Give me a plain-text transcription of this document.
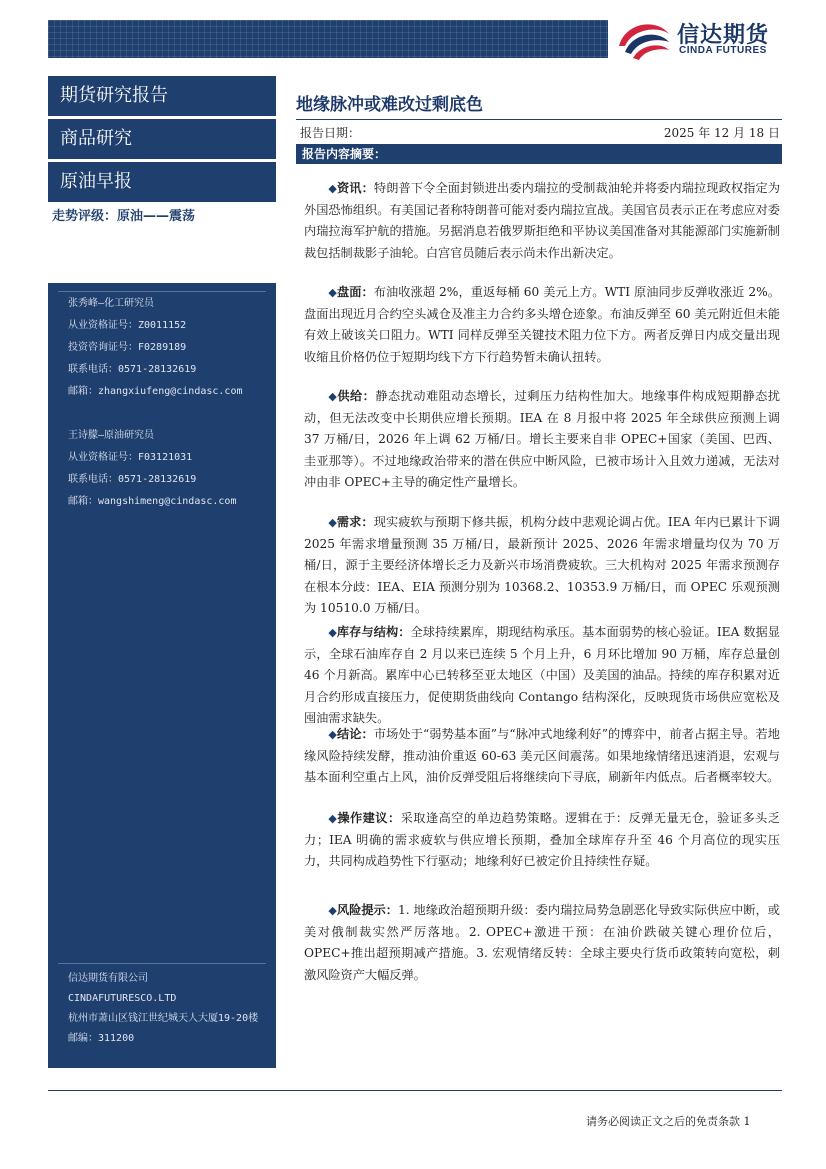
信达期货
CINDA FUTURES
期货研究报告
商品研究
原油早报
走势评级：原油——震荡
张秀峰—化工研究员
从业资格证号：Z0011152
投资咨询证号：F0289189
联系电话：0571-28132619
邮箱：zhangxiufeng@cindasc.com
王诗朦—原油研究员
从业资格证号：F03121031
联系电话：0571-28132619
邮箱：wangshimeng@cindasc.com
信达期货有限公司
CINDAFUTURESCO.LTD
杭州市萧山区钱江世纪城天人大厦19-20楼
邮编：311200
地缘脉冲或难改过剩底色
报告日期：	2025 年 12 月 18 日
报告内容摘要：
◆资讯：特朗普下令全面封锁进出委内瑞拉的受制裁油轮并将委内瑞拉现政权指定为外国恐怖组织。有美国记者称特朗普可能对委内瑞拉宣战。美国官员表示正在考虑应对委内瑞拉海军护航的措施。另据消息若俄罗斯拒绝和平协议美国准备对其能源部门实施新制裁包括制裁影子油轮。白宫官员随后表示尚未作出新决定。
◆盘面：布油收涨超 2%，重返每桶 60 美元上方。WTI 原油同步反弹收涨近 2%。盘面出现近月合约空头减仓及准主力合约多头增仓迹象。布油反弹至 60 美元附近但未能有效上破该关口阻力。WTI 同样反弹至关键技术阻力位下方。两者反弹日内成交量出现收缩且价格仍位于短期均线下方下行趋势暂未确认扭转。
◆供给：静态扰动难阻动态增长，过剩压力结构性加大。地缘事件构成短期静态扰动，但无法改变中长期供应增长预期。IEA 在 8 月报中将 2025 年全球供应预测上调 37 万桶/日，2026 年上调 62 万桶/日。增长主要来自非 OPEC+国家（美国、巴西、圭亚那等）。不过地缘政治带来的潜在供应中断风险，已被市场计入且效力递减，无法对冲由非 OPEC+主导的确定性产量增长。
◆需求：现实疲软与预期下修共振，机构分歧中悲观论调占优。IEA 年内已累计下调 2025 年需求增量预测 35 万桶/日，最新预计 2025、2026 年需求增量均仅为 70 万桶/日，源于主要经济体增长乏力及新兴市场消费疲软。三大机构对 2025 年需求预测存在根本分歧：IEA、EIA 预测分别为 10368.2、10353.9 万桶/日，而 OPEC 乐观预测为 10510.0 万桶/日。
◆库存与结构：全球持续累库，期现结构承压。基本面弱势的核心验证。IEA 数据显示，全球石油库存自 2 月以来已连续 5 个月上升，6 月环比增加 90 万桶，库存总量创 46 个月新高。累库中心已转移至亚太地区（中国）及美国的油品。持续的库存积累对近月合约形成直接压力，促使期货曲线向 Contango 结构深化，反映现货市场供应宽松及囤油需求缺失。
◆结论：市场处于“弱势基本面”与“脉冲式地缘利好”的博弈中，前者占据主导。若地缘风险持续发酵，推动油价重返 60-63 美元区间震荡。如果地缘情绪迅速消退，宏观与基本面利空重占上风，油价反弹受阻后将继续向下寻底，刷新年内低点。后者概率较大。
◆操作建议：采取逢高空的单边趋势策略。逻辑在于：反弹无量无仓，验证多头乏力；IEA 明确的需求疲软与供应增长预期，叠加全球库存升至 46 个月高位的现实压力，共同构成趋势性下行驱动；地缘利好已被定价且持续性存疑。
◆风险提示：1. 地缘政治超预期升级：委内瑞拉局势急剧恶化导致实际供应中断，或美对俄制裁实然严厉落地。2. OPEC+激进干预：在油价跌破关键心理价位后，OPEC+推出超预期减产措施。3. 宏观情绪反转：全球主要央行货币政策转向宽松，刺激风险资产大幅反弹。
请务必阅读正文之后的免责条款 1
